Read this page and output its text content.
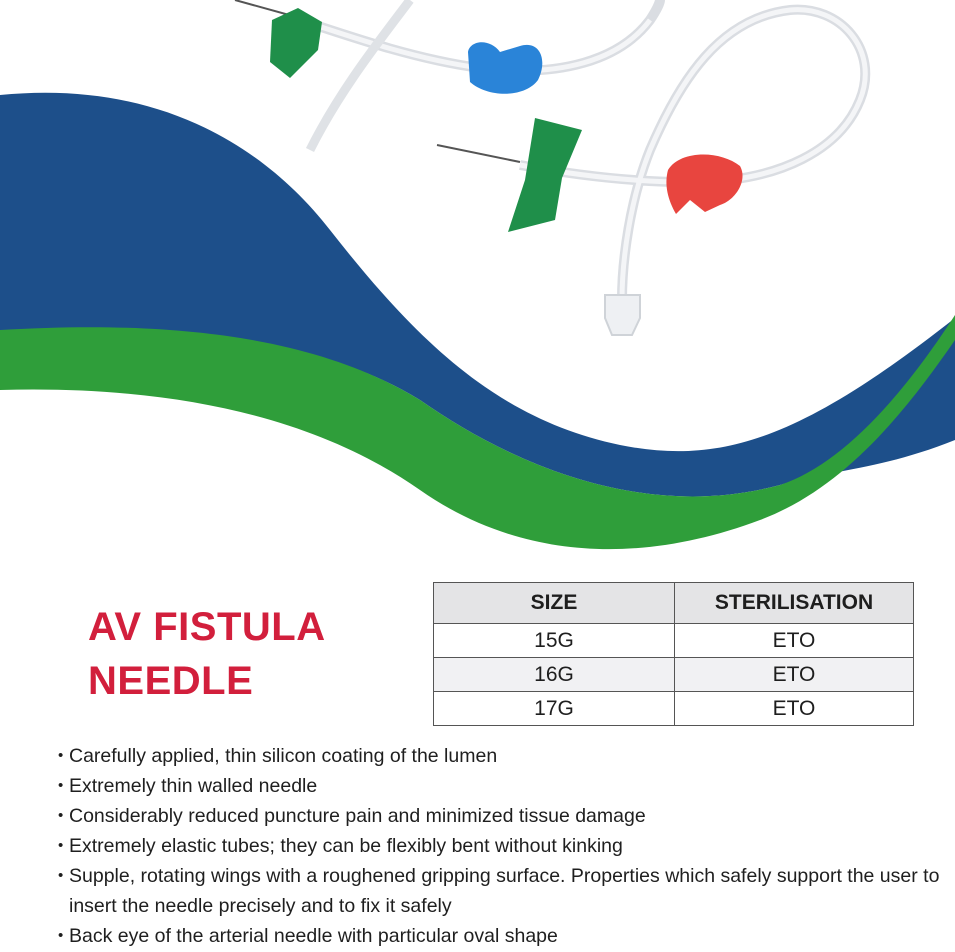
AV FISTULA
NEEDLE
SIZE	STERILISATION
15G	ETO
16G	ETO
17G	ETO
• Carefully applied, thin silicon coating of the lumen
• Extremely thin walled needle
• Considerably reduced puncture pain and minimized tissue damage
• Extremely elastic tubes; they can be flexibly bent without kinking
• Supple, rotating wings with a roughened gripping surface. Properties which safely support the user to insert the needle precisely and to fix it safely
• Back eye of the arterial needle with particular oval shape
